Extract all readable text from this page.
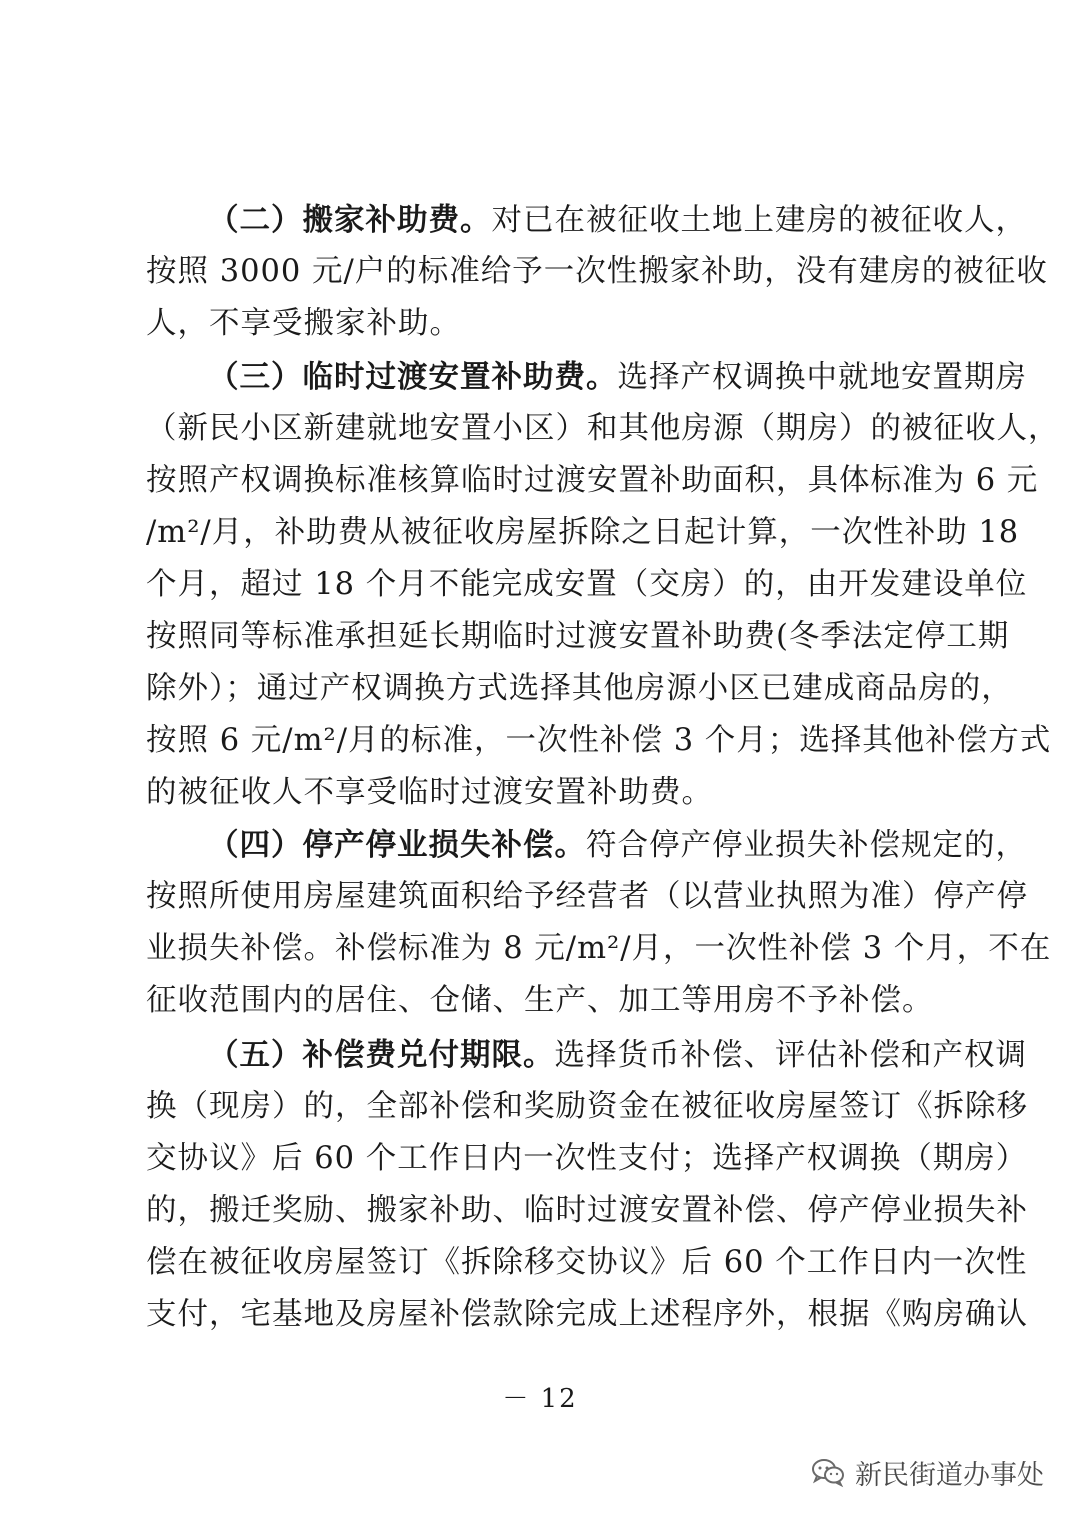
（二）搬家补助费。对已在被征收土地上建房的被征收人，
按照 3000 元/户的标准给予一次性搬家补助，没有建房的被征收
人，不享受搬家补助。
（三）临时过渡安置补助费。选择产权调换中就地安置期房
（新民小区新建就地安置小区）和其他房源（期房）的被征收人，
按照产权调换标准核算临时过渡安置补助面积，具体标准为 6 元
/m²/月，补助费从被征收房屋拆除之日起计算，一次性补助 18
个月，超过 18 个月不能完成安置（交房）的，由开发建设单位
按照同等标准承担延长期临时过渡安置补助费(冬季法定停工期
除外）；通过产权调换方式选择其他房源小区已建成商品房的，
按照 6 元/m²/月的标准，一次性补偿 3 个月；选择其他补偿方式
的被征收人不享受临时过渡安置补助费。
（四）停产停业损失补偿。符合停产停业损失补偿规定的，
按照所使用房屋建筑面积给予经营者（以营业执照为准）停产停
业损失补偿。补偿标准为 8 元/m²/月，一次性补偿 3 个月，不在
征收范围内的居住、仓储、生产、加工等用房不予补偿。
（五）补偿费兑付期限。选择货币补偿、评估补偿和产权调
换（现房）的，全部补偿和奖励资金在被征收房屋签订《拆除移
交协议》后 60 个工作日内一次性支付；选择产权调换（期房）
的，搬迁奖励、搬家补助、临时过渡安置补偿、停产停业损失补
偿在被征收房屋签订《拆除移交协议》后 60 个工作日内一次性
支付，宅基地及房屋补偿款除完成上述程序外，根据《购房确认
－ 12
新民街道办事处
